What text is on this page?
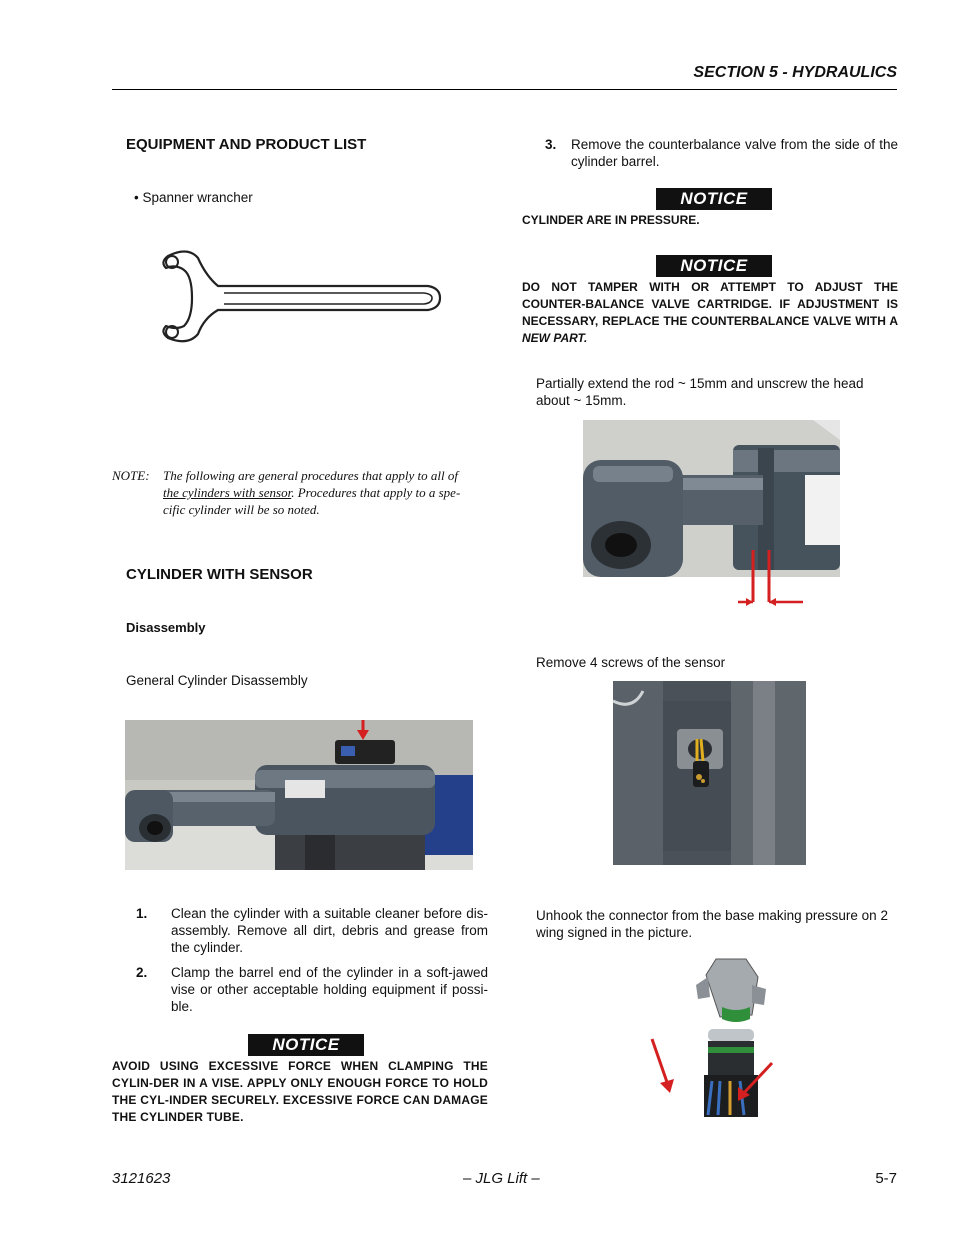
SECTION 5 - HYDRAULICS
EQUIPMENT AND PRODUCT LIST
• Spanner wrancher
NOTE: The following are general procedures that apply to all of
the cylinders with sensor. Procedures that apply to a spe-
cific cylinder will be so noted.
CYLINDER WITH SENSOR
Disassembly
General Cylinder Disassembly
1.	Clean the cylinder with a suitable cleaner before dis-assembly. Remove all dirt, debris and grease from the cylinder.
2.	Clamp the barrel end of the cylinder in a soft-jawed vise or other acceptable holding equipment if possi-ble.
NOTICE
AVOID USING EXCESSIVE FORCE WHEN CLAMPING THE CYLIN-DER IN A VISE. APPLY ONLY ENOUGH FORCE TO HOLD THE CYL-INDER SECURELY. EXCESSIVE FORCE CAN DAMAGE THE CYLINDER TUBE.
3.	Remove the counterbalance valve from the side of the cylinder barrel.
NOTICE
CYLINDER ARE IN PRESSURE.
NOTICE
DO NOT TAMPER WITH OR ATTEMPT TO ADJUST THE COUNTER-BALANCE VALVE CARTRIDGE. IF ADJUSTMENT IS NECESSARY, REPLACE THE COUNTERBALANCE VALVE WITH A NEW PART.
Partially extend the rod ~ 15mm and unscrew the head about ~ 15mm.
Remove 4 screws of the sensor
Unhook the connector from the base making pressure on 2 wing signed in the picture.
3121623	– JLG Lift –	5-7
